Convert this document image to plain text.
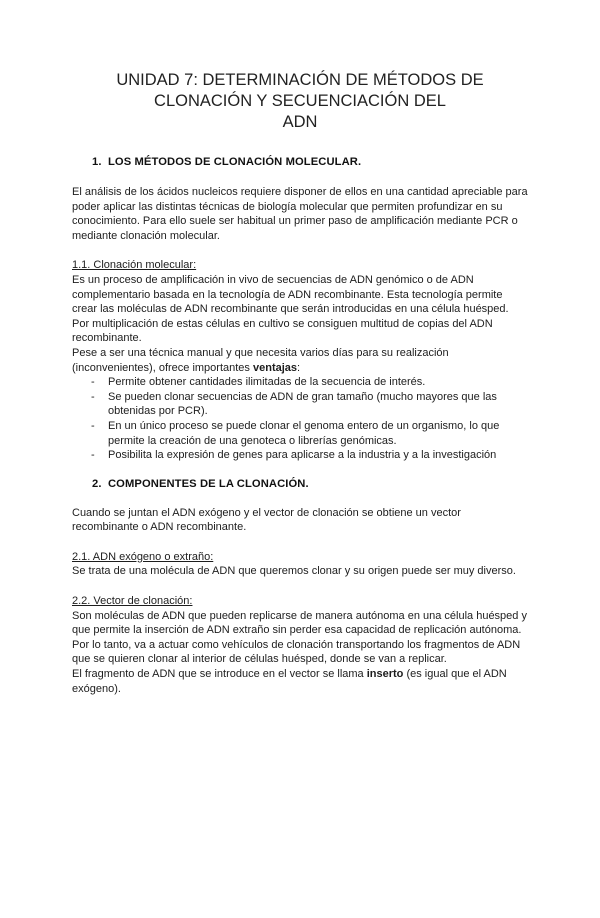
UNIDAD 7: DETERMINACIÓN DE MÉTODOS DE
CLONACIÓN Y SECUENCIACIÓN DEL
ADN
1. LOS MÉTODOS DE CLONACIÓN MOLECULAR.

El análisis de los ácidos nucleicos requiere disponer de ellos en una cantidad apreciable para poder aplicar las distintas técnicas de biología molecular que permiten profundizar en su conocimiento. Para ello suele ser habitual un primer paso de amplificación mediante PCR o mediante clonación molecular.

1.1. Clonación molecular:

Es un proceso de amplificación in vivo de secuencias de ADN genómico o de ADN complementario basada en la tecnología de ADN recombinante. Esta tecnología permite crear las moléculas de ADN recombinante que serán introducidas en una célula huésped. Por multiplicación de estas células en cultivo se consiguen multitud de copias del ADN recombinante.

Pese a ser una técnica manual y que necesita varios días para su realización (inconvenientes), ofrece importantes ventajas:

- Permite obtener cantidades ilimitadas de la secuencia de interés.
- Se pueden clonar secuencias de ADN de gran tamaño (mucho mayores que las obtenidas por PCR).
- En un único proceso se puede clonar el genoma entero de un organismo, lo que permite la creación de una genoteca o librerías genómicas.
- Posibilita la expresión de genes para aplicarse a la industria y a la investigación
2. COMPONENTES DE LA CLONACIÓN.

Cuando se juntan el ADN exógeno y el vector de clonación se obtiene un vector recombinante o ADN recombinante.

2.1. ADN exógeno o extraño:

Se trata de una molécula de ADN que queremos clonar y su origen puede ser muy diverso.

2.2. Vector de clonación:

Son moléculas de ADN que pueden replicarse de manera autónoma en una célula huésped y que permite la inserción de ADN extraño sin perder esa capacidad de replicación autónoma. Por lo tanto, va a actuar como vehículos de clonación transportando los fragmentos de ADN que se quieren clonar al interior de células huésped, donde se van a replicar.

El fragmento de ADN que se introduce en el vector se llama inserto (es igual que el ADN exógeno).
